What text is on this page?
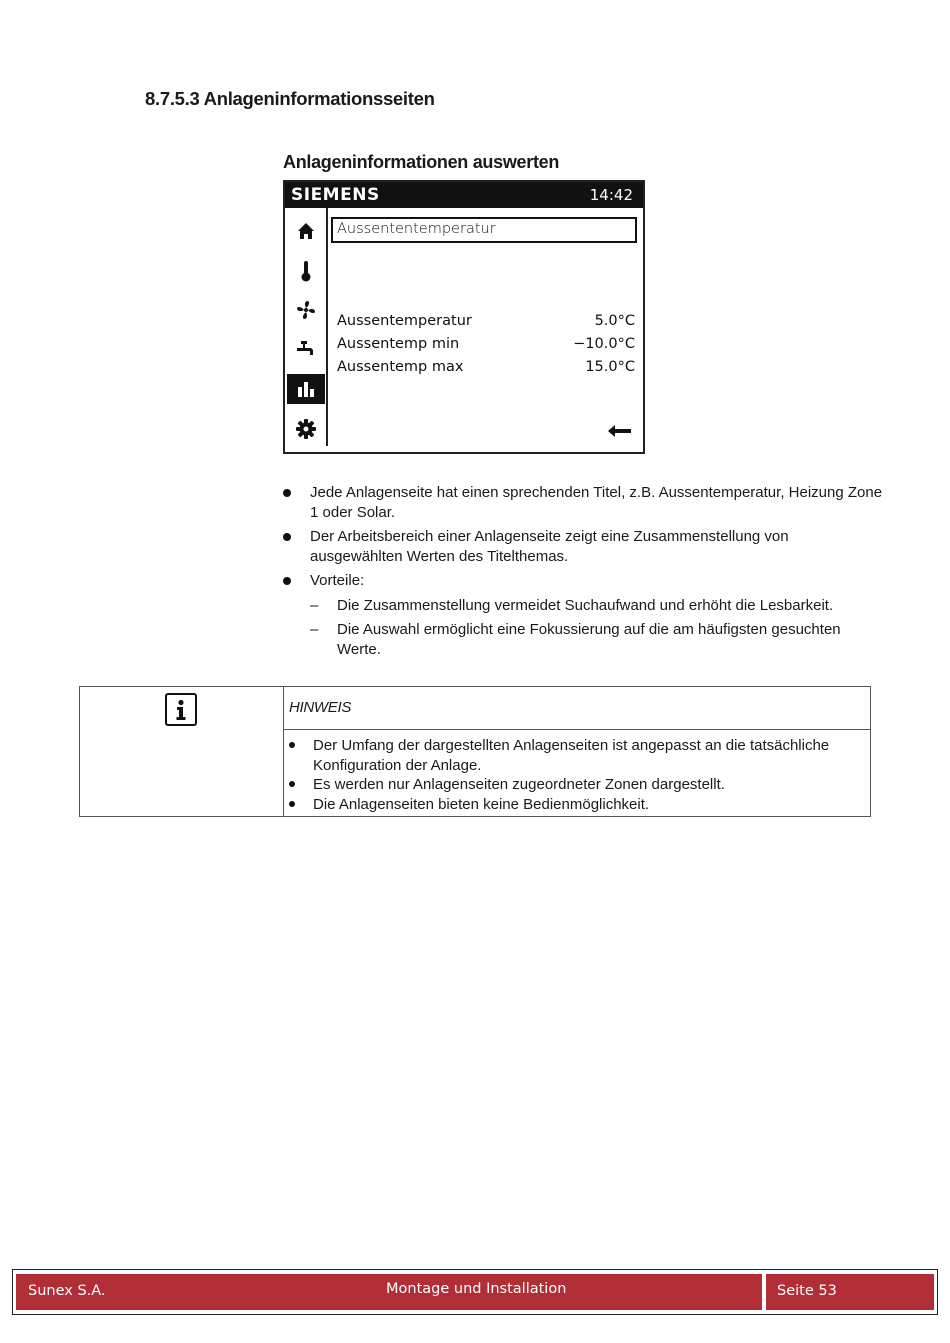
8.7.5.3 Anlageninformationsseiten
Anlageninformationen auswerten
SIEMENS	14:42
Aussententemperatur
Aussentemperatur	5.0°C
Aussentemp min	−10.0°C
Aussentemp max	15.0°C
Jede Anlagenseite hat einen sprechenden Titel, z.B. Aussentemperatur, Heizung Zone 1 oder Solar.
Der Arbeitsbereich einer Anlagenseite zeigt eine Zusammenstellung von ausgewählten Werten des Titelthemas.
Vorteile:
– Die Zusammenstellung vermeidet Suchaufwand und erhöht die Lesbarkeit.
– Die Auswahl ermöglicht eine Fokussierung auf die am häufigsten gesuchten Werte.
HINWEIS
Der Umfang der dargestellten Anlagenseiten ist angepasst an die tatsächliche Konfiguration der Anlage.
Es werden nur Anlagenseiten zugeordneter Zonen dargestellt.
Die Anlagenseiten bieten keine Bedienmöglichkeit.
Sunex S.A.	Montage und Installation	Seite 53
